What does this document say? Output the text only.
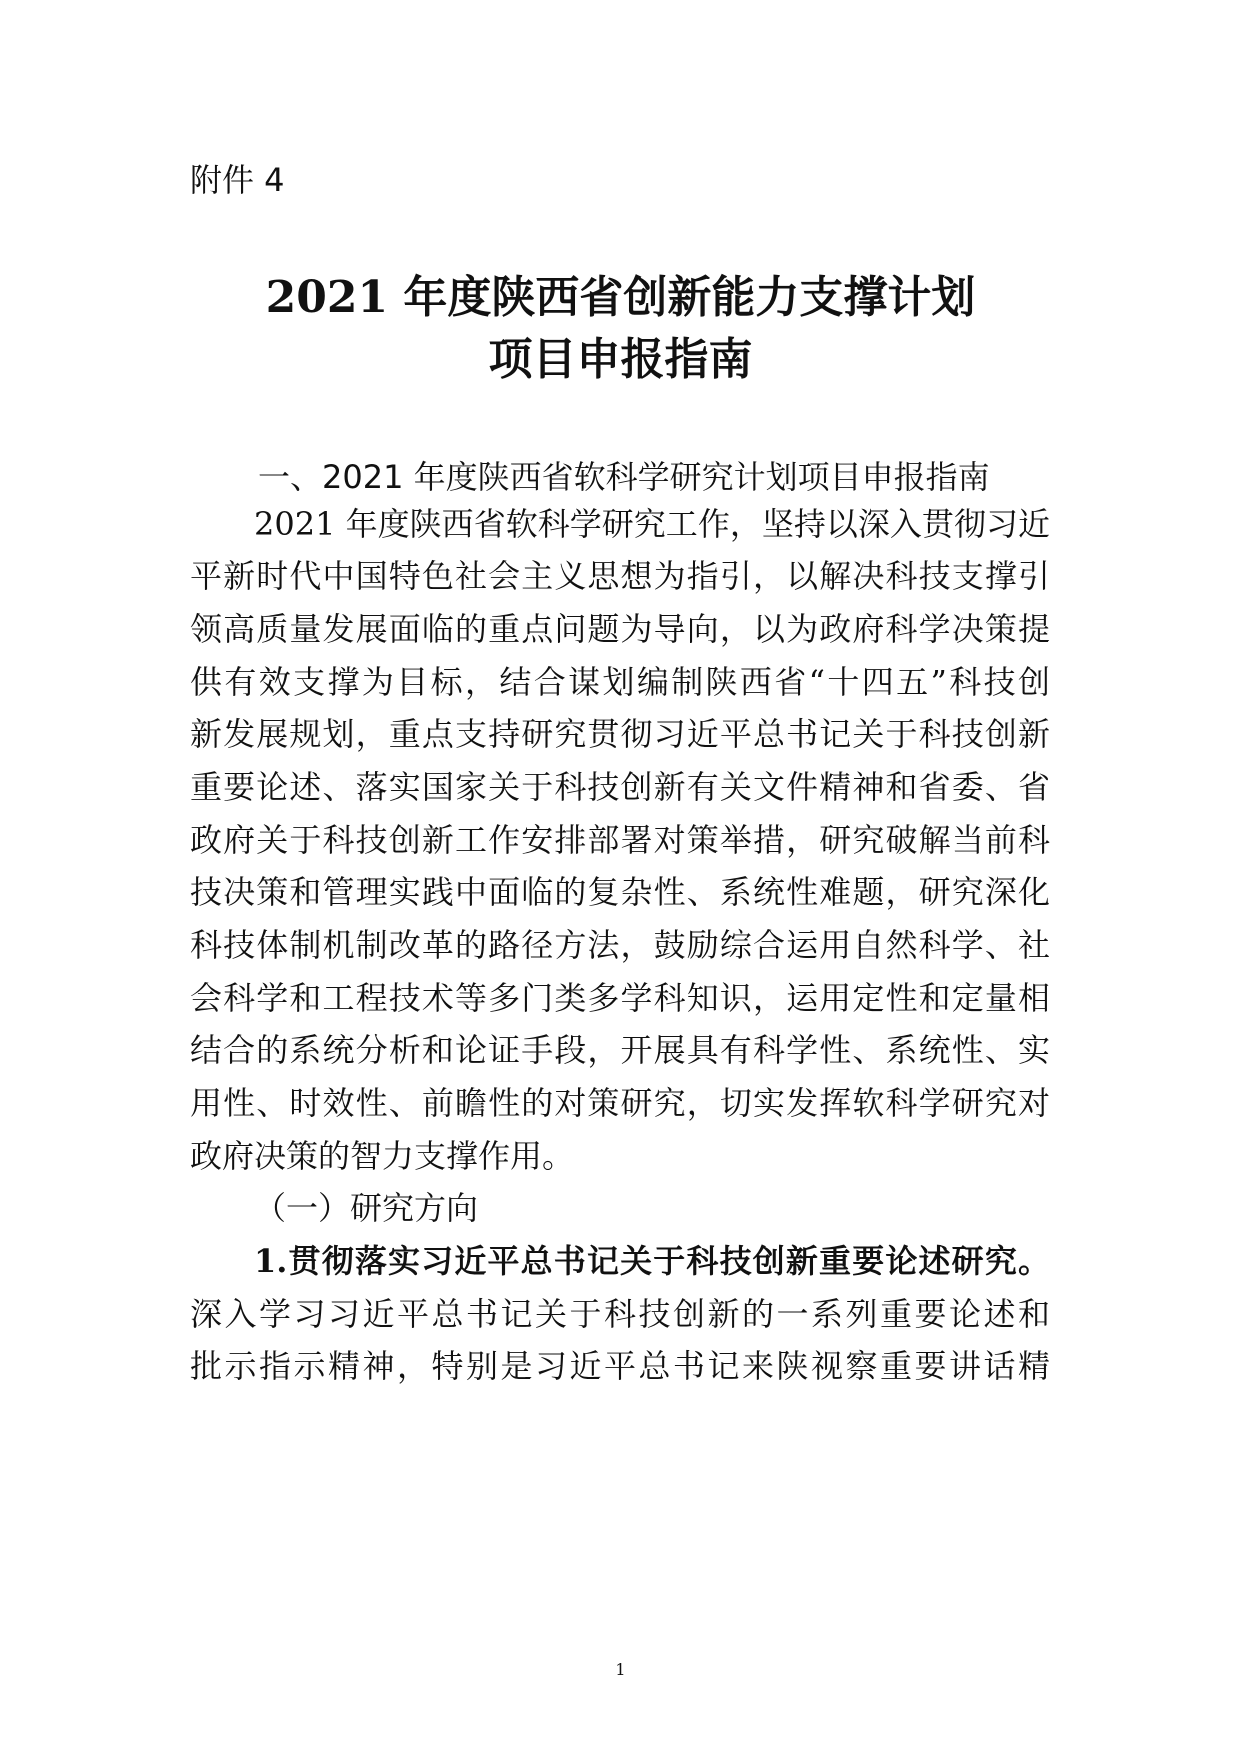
附件 4
2021 年度陕西省创新能力支撑计划
项目申报指南
一、2021 年度陕西省软科学研究计划项目申报指南
2021 年度陕西省软科学研究工作，坚持以深入贯彻习近
平新时代中国特色社会主义思想为指引，以解决科技支撑引
领高质量发展面临的重点问题为导向，以为政府科学决策提
供有效支撑为目标，结合谋划编制陕西省“十四五”科技创
新发展规划，重点支持研究贯彻习近平总书记关于科技创新
重要论述、落实国家关于科技创新有关文件精神和省委、省
政府关于科技创新工作安排部署对策举措，研究破解当前科
技决策和管理实践中面临的复杂性、系统性难题，研究深化
科技体制机制改革的路径方法，鼓励综合运用自然科学、社
会科学和工程技术等多门类多学科知识，运用定性和定量相
结合的系统分析和论证手段，开展具有科学性、系统性、实
用性、时效性、前瞻性的对策研究，切实发挥软科学研究对
政府决策的智力支撑作用。
（一）研究方向
1.贯彻落实习近平总书记关于科技创新重要论述研究。
深入学习习近平总书记关于科技创新的一系列重要论述和
批示指示精神，特别是习近平总书记来陕视察重要讲话精
1
